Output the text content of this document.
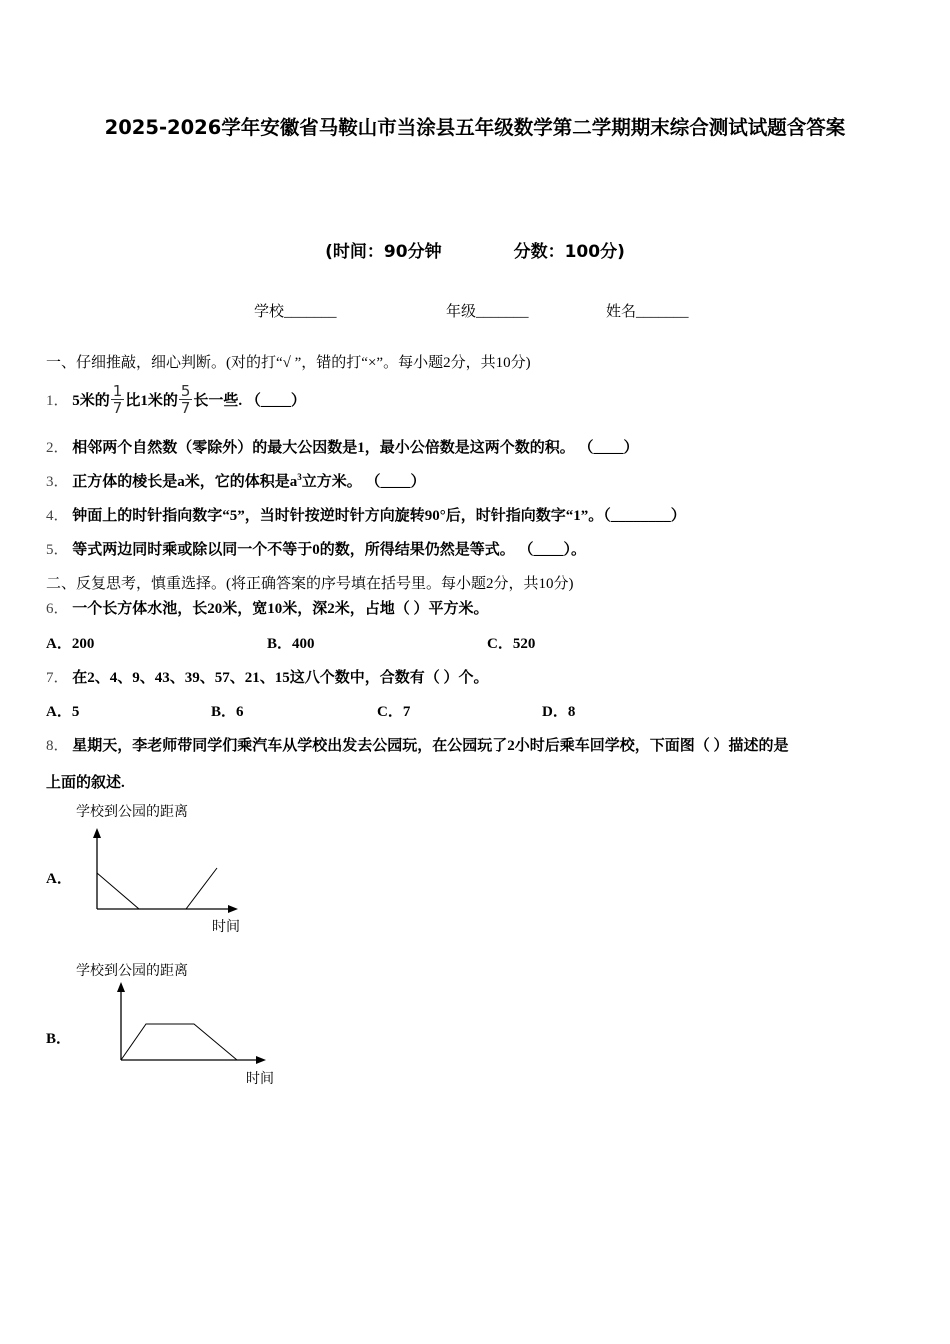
2025-2026学年安徽省马鞍山市当涂县五年级数学第二学期期末综合测试试题含答案
(时间：90分钟	分数：100分)
学校_______	年级_______	姓名_______
一、仔细推敲，细心判断。(对的打“√ ”，错的打“×”。每小题2分，共10分)
1． 5米的 $\frac{1}{7}$ 比1米的 $\frac{5}{7}$ 长一些. （____）
2． 相邻两个自然数（零除外）的最大公因数是1，最小公倍数是这两个数的积。 （____）
3． 正方体的棱长是a米，它的体积是$a^3$立方米。 （____）
4． 钟面上的时针指向数字“5”，当时针按逆时针方向旋转90°后，时针指向数字“1”。（________）
5． 等式两边同时乘或除以同一个不等于0的数，所得结果仍然是等式。 （____）。
二、反复思考，慎重选择。(将正确答案的序号填在括号里。每小题2分，共10分)
6． 一个长方体水池，长20米，宽10米，深2米，占地（ ）平方米。
A．200	B．400	C．520
7． 在2、4、9、43、39、57、21、15这八个数中，合数有（ ）个。
A．5	B．6	C．7	D．8
8． 星期天，李老师带同学们乘汽车从学校出发去公园玩，在公园玩了2小时后乘车回学校，下面图（ ）描述的是
上面的叙述.
A．
学校到公园的距离
时间
B．
学校到公园的距离
时间
